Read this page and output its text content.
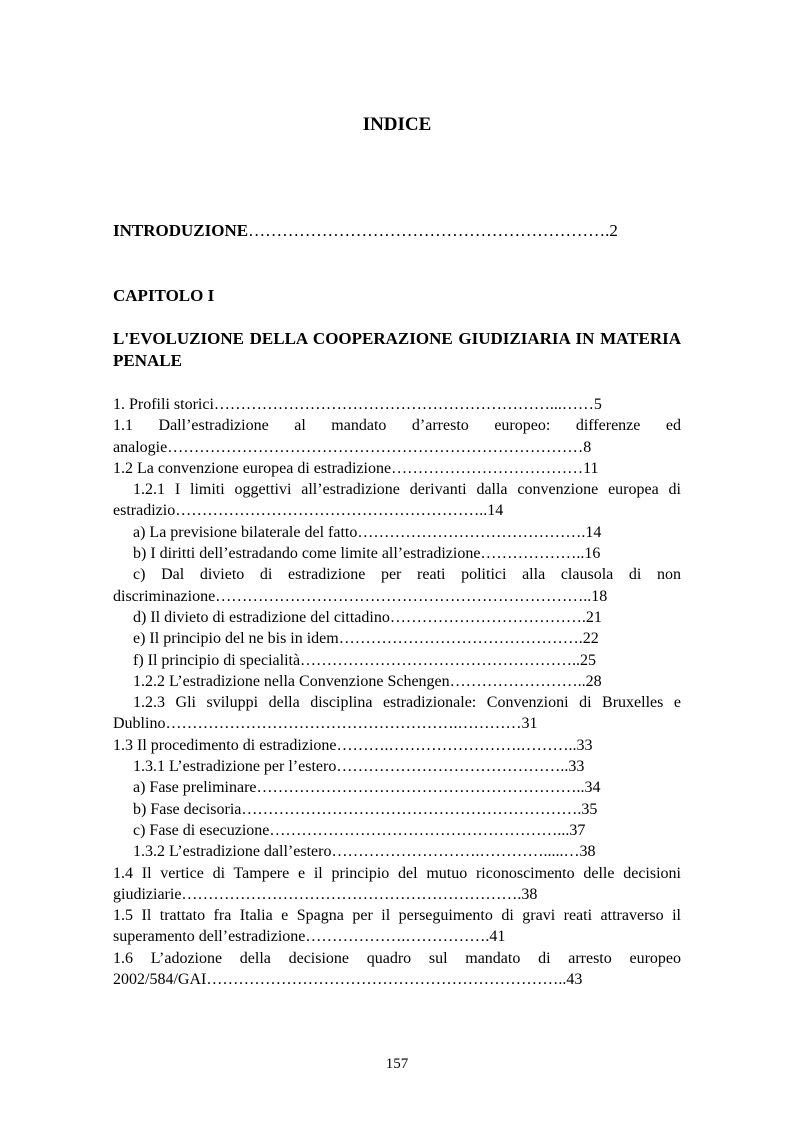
INDICE

INTRODUZIONE……………………………………………………….2

CAPITOLO I

L'EVOLUZIONE DELLA COOPERAZIONE GIUDIZIARIA IN MATERIA PENALE

1. Profili storici………………………………………………………...……5
1.1 Dall’estradizione al mandato d’arresto europeo: differenze ed analogie……………………………………………………………………8
1.2 La convenzione europea di estradizione………………………………11
1.2.1 I limiti oggettivi all’estradizione derivanti dalla convenzione europea di estradizio…………………………………………………..14
a) La previsione bilaterale del fatto…………………………………….14
b) I diritti dell’estradando come limite all’estradizione………………..16
c) Dal divieto di estradizione per reati politici alla clausola di non discriminazione……………………………………………………………..18
d) Il divieto di estradizione del cittadino……………………………….21
e) Il principio del ne bis in idem……………………………………….22
f) Il principio di specialità……………………………………………..25
1.2.2 L’estradizione nella Convenzione Schengen……………………..28
1.2.3 Gli sviluppi della disciplina estradizionale: Convenzioni di Bruxelles e Dublino……………………………………………….…………31
1.3 Il procedimento di estradizione……….…………………….………..33
1.3.1 L’estradizione per l’estero……………………………………..33
a) Fase preliminare……………………………………………………..34
b) Fase decisoria……………………………………………………….35
c) Fase di esecuzione………………………………………………...37
1.3.2 L’estradizione dall’estero……………………….………….....…38
1.4 Il vertice di Tampere e il principio del mutuo riconoscimento delle decisioni giudiziarie……………………………………………………….38
1.5 Il trattato fra Italia e Spagna per il perseguimento di gravi reati attraverso il superamento dell’estradizione……………….…………….41
1.6 L’adozione della decisione quadro sul mandato di arresto europeo 2002/584/GAI…………………………………………………………..43
157
